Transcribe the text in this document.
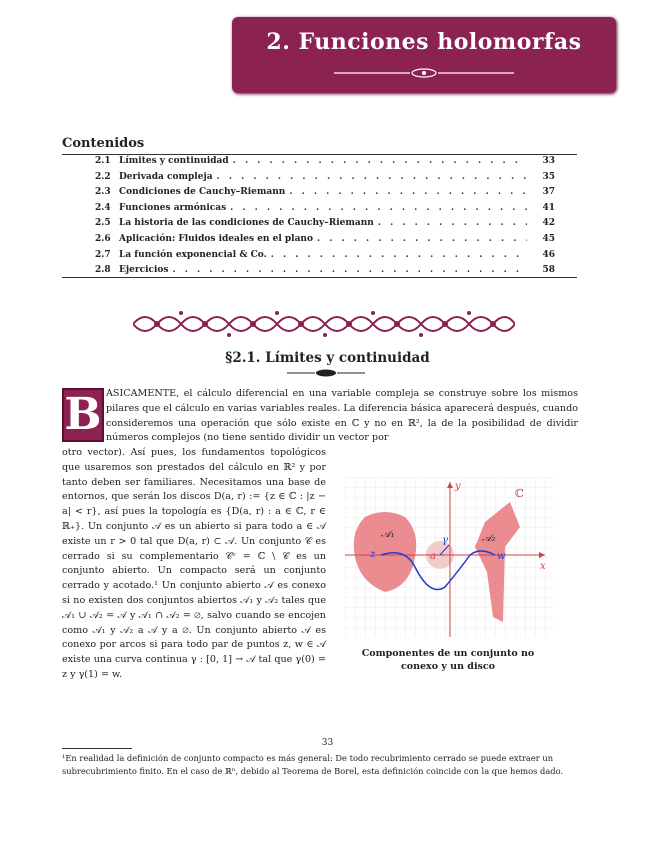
2. Funciones holomorfas
Contenidos
2.1 Límites y continuidad . . .	33
2.2 Derivada compleja . . .	35
2.3 Condiciones de Cauchy–Riemann . . .	37
2.4 Funciones armónicas . . .	41
2.5 La historia de las condiciones de Cauchy–Riemann . . .	42
2.6 Aplicación: Fluidos ideales en el plano . . .	45
2.7 La función exponencial & Co. . . .	46
2.8 Ejercicios . . .	58
§2.1. Límites y continuidad
B ASICAMENTE, el cálculo diferencial en una variable compleja se construye sobre los mismos pilares que el cálculo en varias variables reales. La diferencia básica aparecerá después, cuando consideremos una operación que sólo existe en ℂ y no en ℝ², la de la posibilidad de dividir números complejos (no tiene sentido dividir un vector por
otro vector). Así pues, los fundamentos topológicos que usaremos son prestados del cálculo en ℝ² y por tanto deben ser familiares. Necesitamos una base de entornos, que serán los discos D(a, r) := {z ∈ ℂ : |z − a| < r}, así pues la topología es {D(a, r) : a ∈ ℂ, r ∈ ℝ₊}. Un conjunto 𝒜 es un abierto si para todo a ∈ 𝒜 existe un r > 0 tal que D(a, r) ⊂ 𝒜. Un conjunto 𝒞 es cerrado si su complementario 𝒞ᶜ = ℂ \ 𝒞 es un conjunto abierto. Un compacto será un conjunto cerrado y acotado.¹ Un conjunto abierto 𝒜 es conexo si no existen dos conjuntos abiertos 𝒜₁ y 𝒜₂ tales que 𝒜₁ ∪ 𝒜₂ = 𝒜 y 𝒜₁ ∩ 𝒜₂ = ∅, salvo cuando se encojen como 𝒜₁ y 𝒜₂ a 𝒜 y a ∅. Un conjunto abierto 𝒜 es conexo por arcos si para todo par de puntos z, w ∈ 𝒜 existe una curva continua γ : [0, 1] → 𝒜 tal que γ(0) = z y γ(1) = w.
y
x
ℂ
𝒜₁	𝒜₂
z	a
γ
w
Componentes de un conjunto no conexo y un disco
33
¹En realidad la definición de conjunto compacto es más general: De todo recubrimiento cerrado se puede extraer un subrecubrimiento finito. En el caso de ℝⁿ, debido al Teorema de Borel, esta definición coincide con la que hemos dado.
